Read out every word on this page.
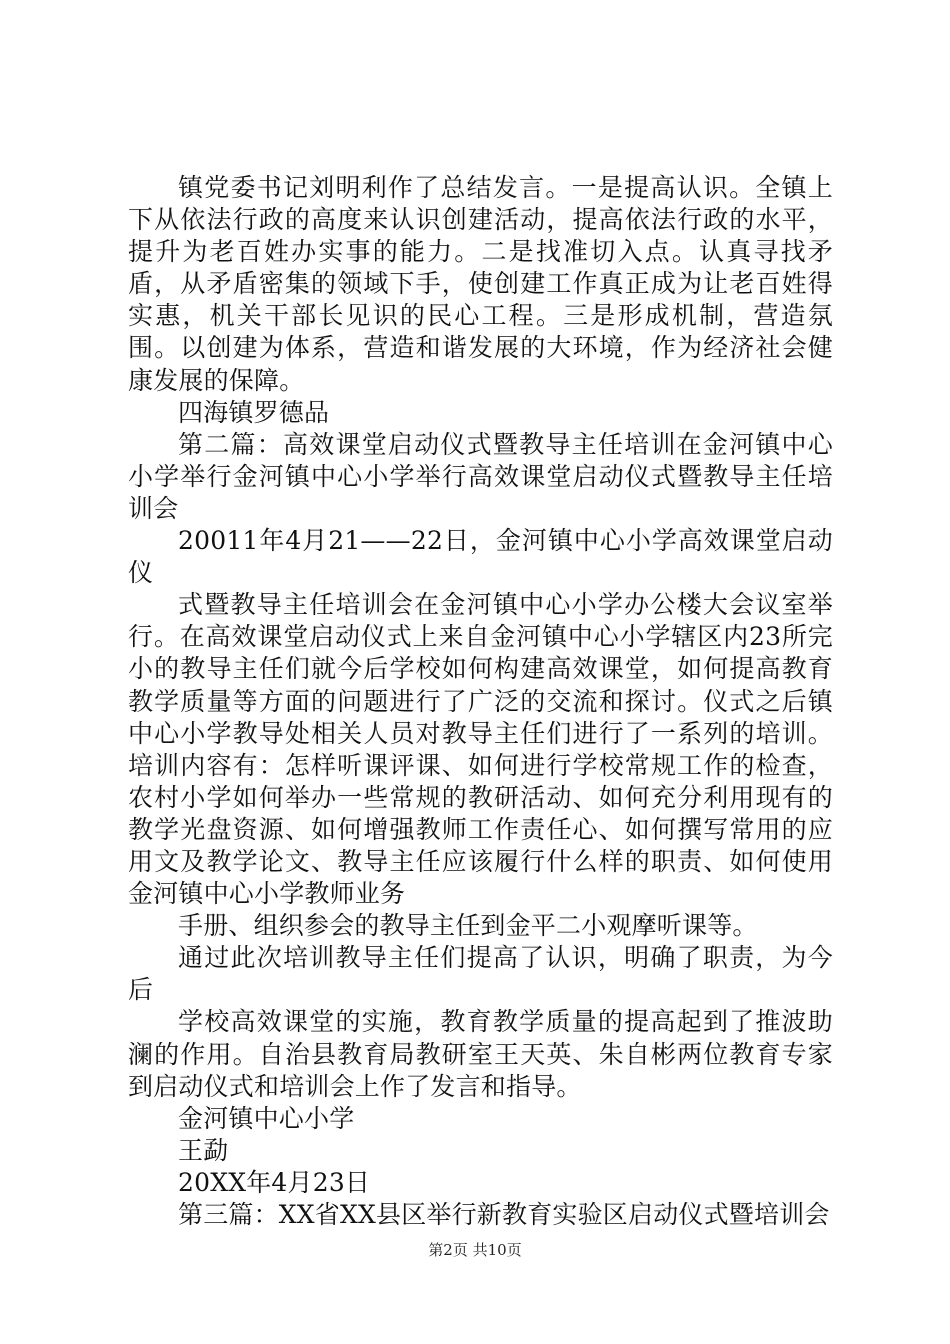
镇党委书记刘明利作了总结发言。一是提高认识。全镇上下从依法行政的高度来认识创建活动，提高依法行政的水平，提升为老百姓办实事的能力。二是找准切入点。认真寻找矛盾，从矛盾密集的领域下手，使创建工作真正成为让老百姓得实惠，机关干部长见识的民心工程。三是形成机制，营造氛围。以创建为体系，营造和谐发展的大环境，作为经济社会健康发展的保障。

四海镇罗德品

第二篇：高效课堂启动仪式暨教导主任培训在金河镇中心小学举行金河镇中心小学举行高效课堂启动仪式暨教导主任培训会

20011年4月21——22日，金河镇中心小学高效课堂启动仪

式暨教导主任培训会在金河镇中心小学办公楼大会议室举行。在高效课堂启动仪式上来自金河镇中心小学辖区内23所完小的教导主任们就今后学校如何构建高效课堂，如何提高教育教学质量等方面的问题进行了广泛的交流和探讨。仪式之后镇中心小学教导处相关人员对教导主任们进行了一系列的培训。培训内容有：怎样听课评课、如何进行学校常规工作的检查，农村小学如何举办一些常规的教研活动、如何充分利用现有的教学光盘资源、如何增强教师工作责任心、如何撰写常用的应用文及教学论文、教导主任应该履行什么样的职责、如何使用金河镇中心小学教师业务

手册、组织参会的教导主任到金平二小观摩听课等。

通过此次培训教导主任们提高了认识，明确了职责，为今后

学校高效课堂的实施，教育教学质量的提高起到了推波助澜的作用。自治县教育局教研室王天英、朱自彬两位教育专家到启动仪式和培训会上作了发言和指导。

金河镇中心小学

王勐

20XX年4月23日

第三篇：XX省XX县区举行新教育实验区启动仪式暨培训会

第2页 共10页
